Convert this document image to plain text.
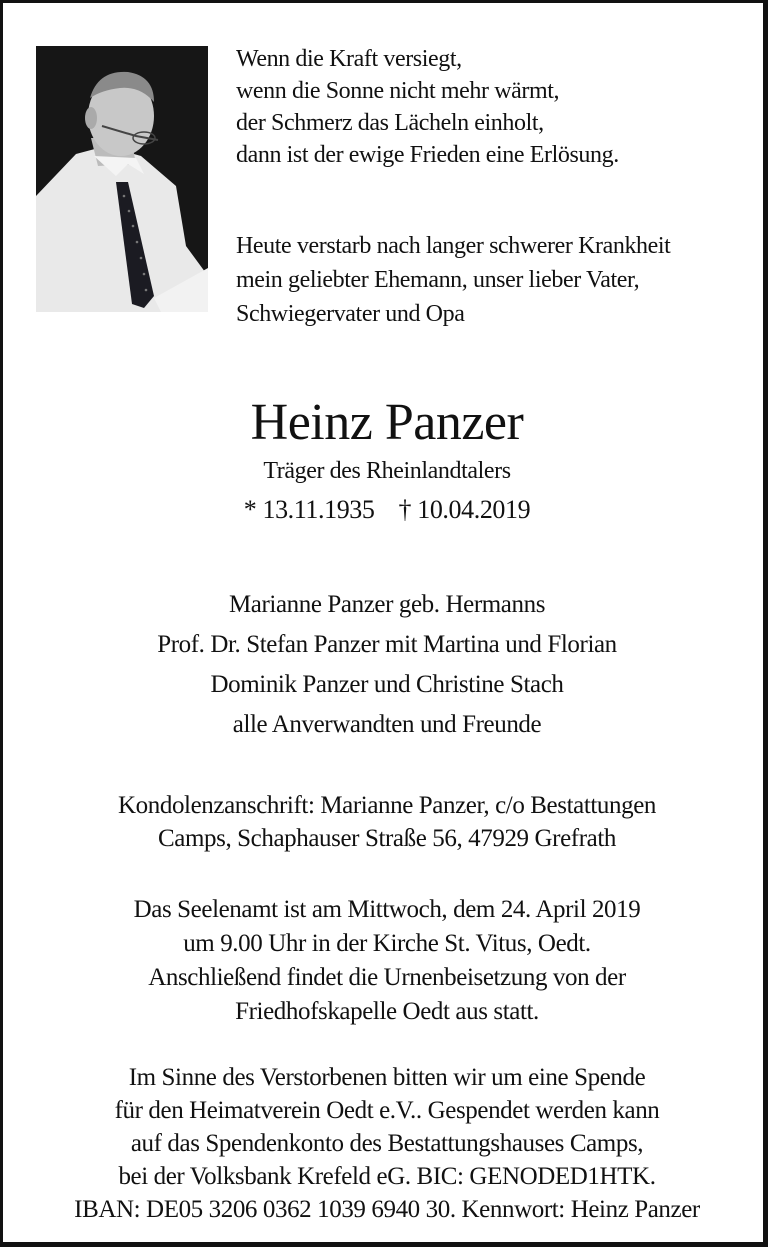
Wenn die Kraft versiegt,
wenn die Sonne nicht mehr wärmt,
der Schmerz das Lächeln einholt,
dann ist der ewige Frieden eine Erlösung.
Heute verstarb nach langer schwerer Krankheit
mein geliebter Ehemann, unser lieber Vater,
Schwiegervater und Opa
Heinz Panzer
Träger des Rheinlandtalers
* 13.11.1935 † 10.04.2019
Marianne Panzer geb. Hermanns
Prof. Dr. Stefan Panzer mit Martina und Florian
Dominik Panzer und Christine Stach
alle Anverwandten und Freunde
Kondolenzanschrift: Marianne Panzer, c/o Bestattungen
Camps, Schaphauser Straße 56, 47929 Grefrath
Das Seelenamt ist am Mittwoch, dem 24. April 2019
um 9.00 Uhr in der Kirche St. Vitus, Oedt.
Anschließend findet die Urnenbeisetzung von der
Friedhofskapelle Oedt aus statt.
Im Sinne des Verstorbenen bitten wir um eine Spende
für den Heimatverein Oedt e.V.. Gespendet werden kann
auf das Spendenkonto des Bestattungshauses Camps,
bei der Volksbank Krefeld eG. BIC: GENODED1HTK.
IBAN: DE05 3206 0362 1039 6940 30. Kennwort: Heinz Panzer
